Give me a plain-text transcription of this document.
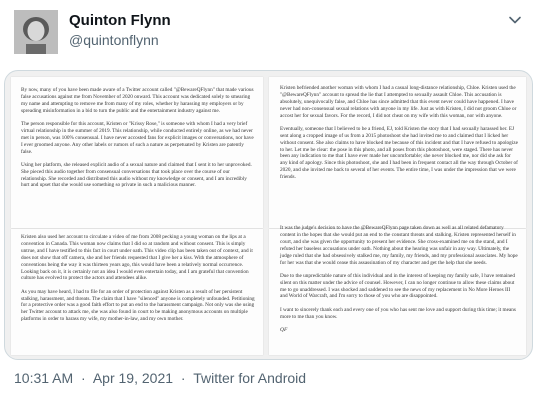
Quinton Flynn
@quintonflynn

By now, many of you have been made aware of a Twitter account called "@BewareQFlynn" that made various false accusations against me from November of 2020 onward. This account was dedicated solely to smearing my name and attempting to remove me from many of my roles, whether by harassing my employers or by spreading misinformation in a bid to turn the public and the entertainment industry against me.

The person responsible for this account, Kristen or "Krissy Rose," is someone with whom I had a very brief virtual relationship in the summer of 2019. This relationship, while conducted entirely online, as we had never met in person, was 100% consensual. I have never accosted fans for explicit images or conversations, nor have I ever groomed anyone. Any other labels or rumors of such a nature as perpetuated by Kristen are patently false.

Using her platform, she released explicit audio of a sexual nature and claimed that I sent it to her unprovoked. She pieced this audio together from consensual conversations that took place over the course of our relationship. She recorded and distributed this audio without my knowledge or consent, and I am incredibly hurt and upset that she would use something so private in such a malicious manner.

Kristen befriended another woman with whom I had a casual long-distance relationship, Chloe. Kristen used the "@BewareQFlynn" account to spread the lie that I attempted to sexually assault Chloe. This accusation is absolutely, unequivocally false, and Chloe has since admitted that this event never could have happened. I have never had non-consensual sexual relations with anyone in my life. Just as with Kristen, I did not groom Chloe or accost her for sexual favors. For the record, I did not cheat on my wife with this woman, nor with anyone.

Eventually, someone that I believed to be a friend, EJ, told Kristen the story that I had sexually harassed her. EJ sent along a cropped image of us from a 2015 photoshoot she had invited me to and claimed that I licked her without consent. She also claims to have blocked me because of this incident and that I have refused to apologize to her. Let me be clear: the pose in this photo, and all poses from this photoshoot, were staged. There has never been any indication to me that I have ever made her uncomfortable; she never blocked me, nor did she ask for any kind of apology. Since this photoshoot, she and I had been in frequent contact all the way through October of 2020, and she invited me back to several of her events. The entire time, I was under the impression that we were friends.

Kristen also used her account to circulate a video of me from 2008 pecking a young woman on the lips at a convention in Canada. This woman now claims that I did so at random and without consent. This is simply untrue, and I have testified to this fact in court under oath. This video clip has been taken out of context, and it does not show that off camera, she and her friends requested that I give her a kiss. With the atmosphere of conventions being the way it was thirteen years ago, this would have been a relatively normal occurrence. Looking back on it, it is certainly not an idea I would even entertain today, and I am grateful that convention culture has evolved to protect the actors and attendees alike.

As you may have heard, I had to file for an order of protection against Kristen as a result of her persistent stalking, harassment, and threats. The claim that I have "silenced" anyone is completely unfounded. Petitioning for a protective order was a good faith effort to put an end to the harassment campaign. Not only was she using her Twitter account to attack me, she was also found in court to be making anonymous accounts on multiple platforms in order to harass my wife, my mother-in-law, and my own mother.

It was the judge's decision to have the @BewareQFlynn page taken down as well as all related defamatory content in the hopes that she would put an end to the constant threats and stalking. Kristen represented herself in court, and she was given the opportunity to present her evidence. She cross-examined me on the stand, and I refuted her baseless accusations under oath. Nothing about the hearing was unfair in any way. Ultimately, the judge ruled that she had obsessively stalked me, my family, my friends, and my professional associates. My hope for her was that she would cease this assassination of my character and get the help that she needs.

Due to the unpredictable nature of this individual and in the interest of keeping my family safe, I have remained silent on this matter under the advice of counsel. However, I can no longer continue to allow these claims about me to go unaddressed. I was shocked and saddened to see the news of my replacement in No More Heroes III and World of Warcraft, and I'm sorry to those of you who are disappointed.

I want to sincerely thank each and every one of you who has sent me love and support during this time; it means more to me than you know.

QF

10:31 AM · Apr 19, 2021 · Twitter for Android
